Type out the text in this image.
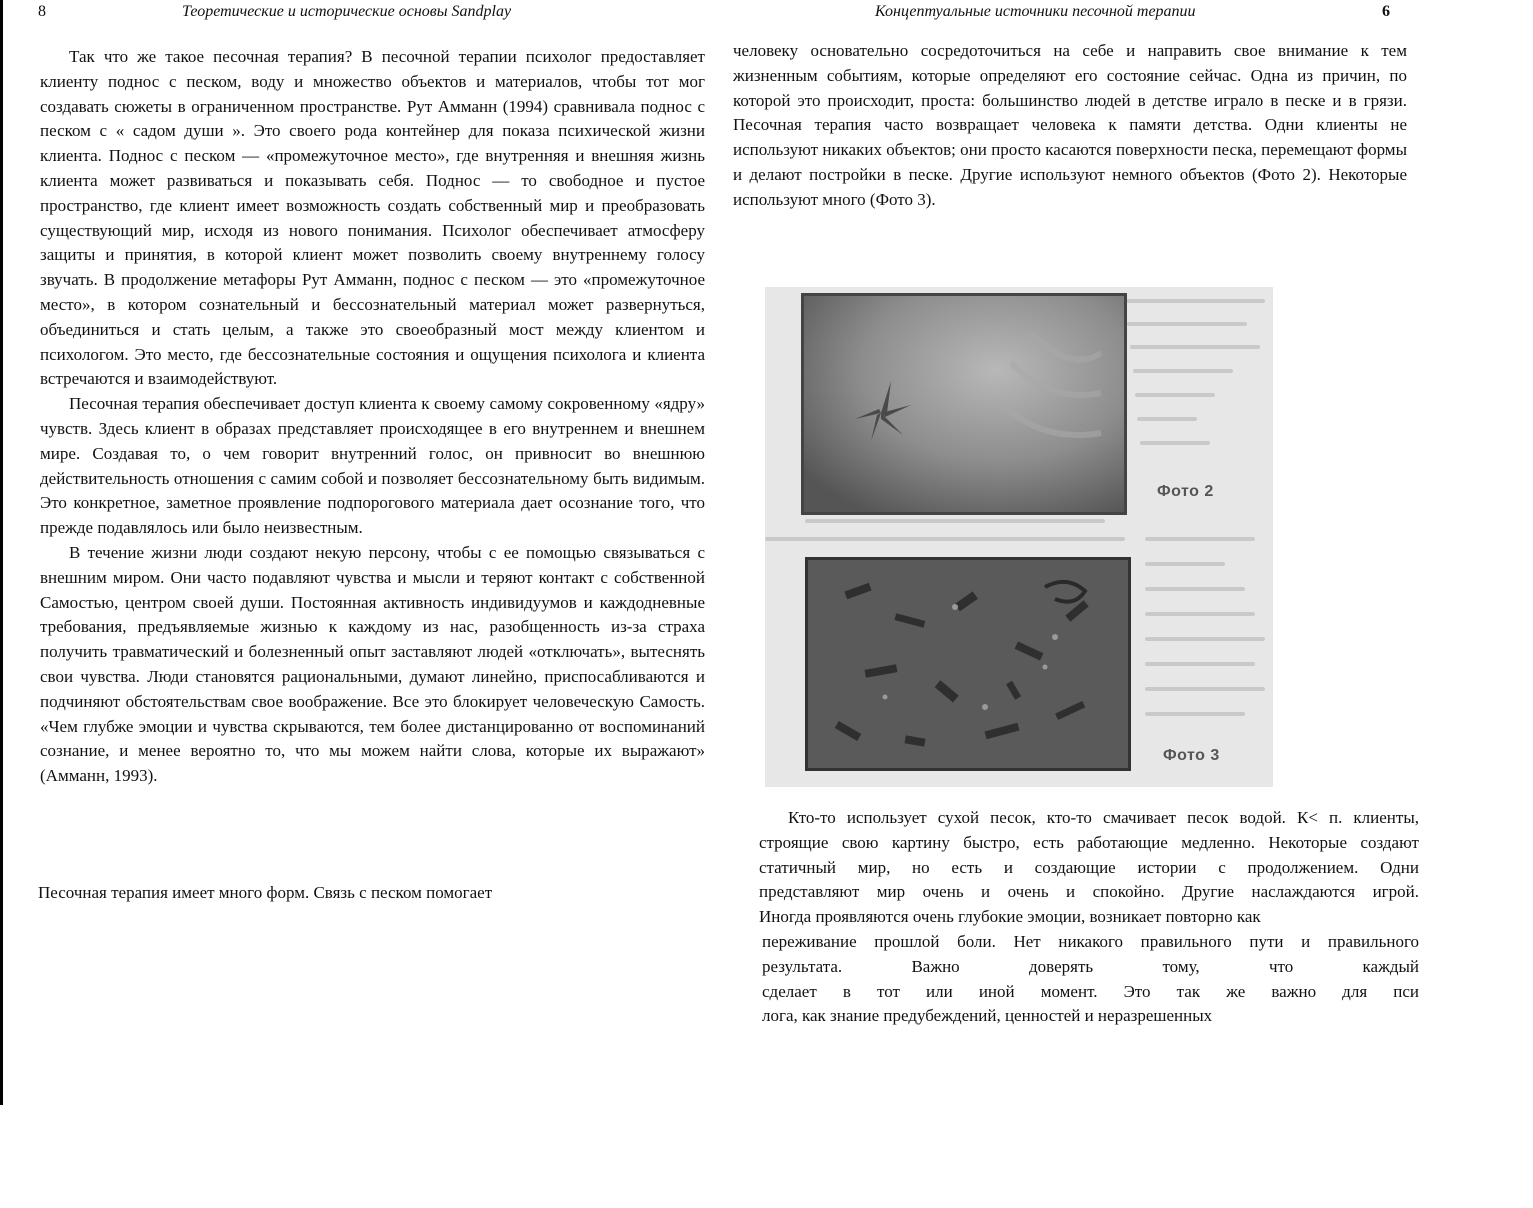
8	Теоретические и исторические основы Sandplay	Концептуальные источники песочной терапии	6

Так что же такое песочная терапия? В песочной терапии психолог предоставляет клиенту поднос с песком, воду и множество объектов и материалов, чтобы тот мог создавать сюжеты в ограниченном пространстве. Рут Амманн (1994) сравнивала поднос с песком с « садом души ». Это своего рода контейнер для показа психической жизни клиента. Поднос с песком — «промежуточное место», где внутренняя и внешняя жизнь клиента может развиваться и показывать себя. Поднос — то свободное и пустое пространство, где клиент имеет возможность создать собственный мир и преобразовать существующий мир, исходя из нового понимания. Психолог обеспечивает атмосферу защиты и принятия, в которой клиент может позволить своему внутреннему голосу звучать. В продолжение метафоры Рут Амманн, поднос с песком — это «промежуточное место», в котором сознательный и бессознательный материал может развернуться, объединиться и стать целым, а также это своеобразный мост между клиентом и психологом. Это место, где бессознательные состояния и ощущения психолога и клиента встречаются и взаимодействуют.

Песочная терапия обеспечивает доступ клиента к своему самому сокровенному «ядру» чувств. Здесь клиент в образах представляет происходящее в его внутреннем и внешнем мире. Создавая то, о чем говорит внутренний голос, он привносит во внешнюю действительность отношения с самим собой и позволяет бессознательному быть видимым. Это конкретное, заметное проявление подпорогового материала дает осознание того, что прежде подавлялось или было неизвестным.

В течение жизни люди создают некую персону, чтобы с ее помощью связываться с внешним миром. Они часто подавляют чувства и мысли и теряют контакт с собственной Самостью, центром своей души. Постоянная активность индивидуумов и каждодневные требования, предъявляемые жизнью к каждому из нас, разобщенность из-за страха получить травматический и болезненный опыт заставляют людей «отключать», вытеснять свои чувства. Люди становятся рациональными, думают линейно, приспосабливаются и подчиняют обстоятельствам свое воображение. Все это блокирует человеческую Самость. «Чем глубже эмоции и чувства скрываются, тем более дистанцированно от воспоминаний сознание, и менее вероятно то, что мы можем найти слова, которые их выражают» (Амманн, 1993).

Песочная терапия имеет много форм. Связь с песком помогает

человеку основательно сосредоточиться на себе и направить свое внимание к тем жизненным событиям, которые определяют его состояние сейчас. Одна из причин, по которой это происходит, проста: большинство людей в детстве играло в песке и в грязи. Песочная терапия часто возвращает человека к памяти детства. Одни клиенты не используют никаких объектов; они просто касаются поверхности песка, перемещают формы и делают постройки в песке. Другие используют немного объектов (Фото 2). Некоторые используют много (Фото 3).

Фото 2
Фото 3

Кто-то использует сухой песок, кто-то смачивает песок водой. К< п. клиенты,

строящие свою картину быстро, есть работающие медленно. Некоторые создают

статичный мир, но есть и создающие истории с продолжением. Одни

представляют мир очень и очень и спокойно. Другие наслаждаются игрой.

Иногда проявляются очень глубокие эмоции, возникает повторно как

переживание прошлой боли. Нет никакого правильного пути и правильного

результата. Важно доверять тому, что каждый

сделает в тот или иной момент. Это так же важно для пси

лога, как знание предубеждений, ценностей и неразрешенных
